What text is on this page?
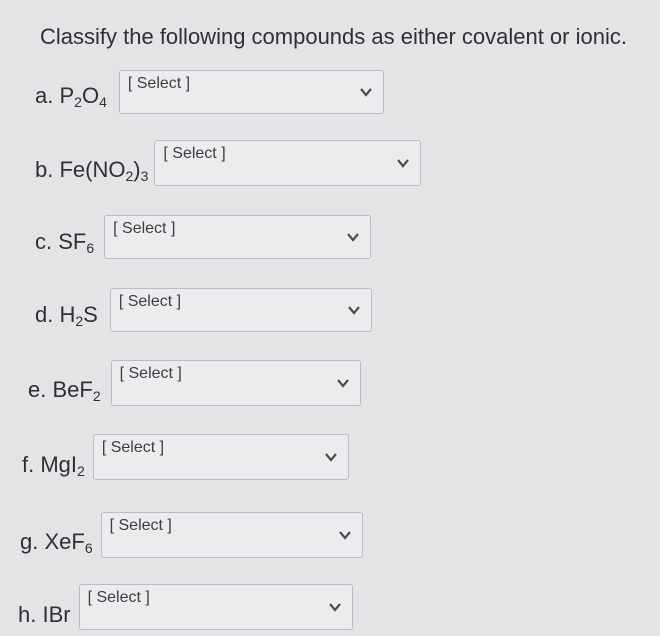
Classify the following compounds as either covalent or ionic.
a. $P_2O_4$
[ Select ]
b. $Fe(NO_2)_3$
[ Select ]
c. $SF_6$
[ Select ]
d. $H_2S$ [ Select ]
e. BeF$_2$
[ Select ]
f. MgI$_2$
[ Select ]
g. XeF$_6$
[ Select ]
h. IBr
[ Select ]
